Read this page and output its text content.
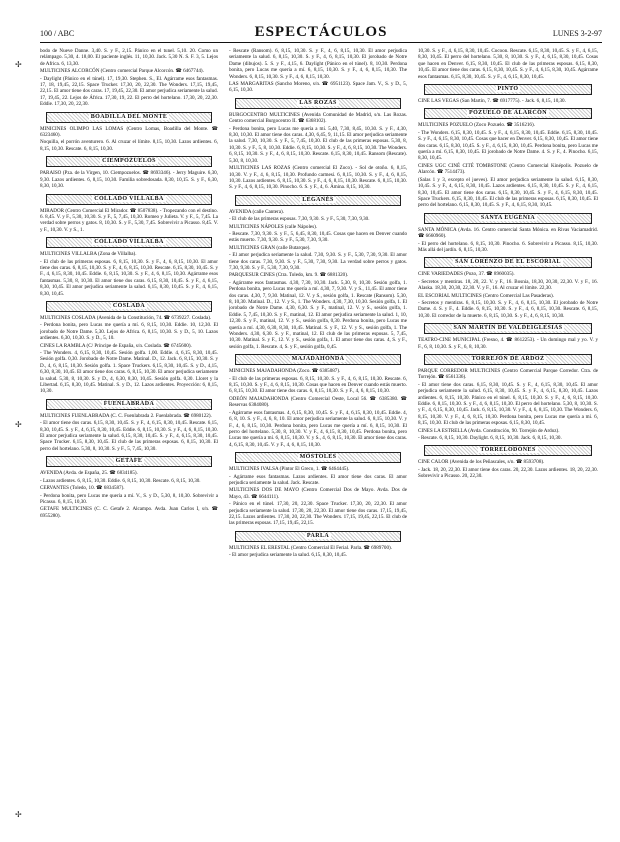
100 / ABC	ESPECTÁCULOS	LUNES 3-2-97

bodo de Nueve Danne. 3,40. S. y F., 2,15. Pánico en el tunel. 5,10. 20. Como un relámpago. 5,30, 4. 18,00. El paciente inglés. 11, 10,30. Jack. 5,30 N. S. F. 3, 5. Lejos de Africa. 6, 13,30.

MULTICINES ALCORCÓN (Centro comercial Parque Alcorcón. ☎ 6467744).

- Daylight (Pánico en el túnel). 17, 19,30. Stephen. S., El. Agárrame esos fantasmas. 17, 18, 19,45, 22,15. Space Trucker. 17,30, 20, 22,30. The Wonders. 17,15, 19,45, 22,15. El amor tiene dos caras. 17, 19,45, 22,30. El amor perjudica seriamente la salud. 17, 19,45, 22. Lejos de África. 17,30, 19, 22. El perro del hortelano. 17,30, 20, 22,30. Eddie. 17,30, 20, 22,30.

BOADILLA DEL MONTE

MINICINES OLIMPO LAS LOMAS (Centro Lomas, Boadilla del Monte. ☎ 6323460).

Noquilla, el porrón aventurero. 6. Al cruzar el límite. 8,15, 10,30. Lazos ardientes. 6, 8,15, 10,30. Rescate. 6, 8,15, 10,30.

CIEMPOZUELOS

PARAISO (Pza. de la Virgen, 10. Ciempozuelos. ☎ 8693346). - Jerry Maguire. 6,30, 9,30. Lazos ardientes. 6, 8,15, 10,30. Familia sobredosada. 8,30, 10,15. S. y F., 6,30, 8,30, 10,30.

COLLADO VILLALBA

MIRADOR (Centro Comercial El Mirador. ☎ 8507838). - Tropezando con el destino. 6. 8,45. V. y F., 5,30, 10,30. S. y F., 5, 7,45, 10,30. Romeo y Julieta. V. y F., 5, 7,45. La verdad sobre perros y gatos. 8, 10,30. S. y F., 5,30, 7,45. Sobrevivir a Picasso. 8,45. V. y F., 10,30. V. y S., 1.

COLLADO VILLALBA

MULTICINES VILLALBA (Zona de Villalba).

- El club de las primeras esposas. 6, 8,15, 10,30. S. y F., 4, 6, 8,15, 10,30. El amor tiene dos caras. 6, 8,15, 10,30. S. y F., 4, 6, 8,15, 10,30. Rescate. 6,15, 8,30, 10,45. S. y F., 4, 6,15, 8,30, 10,45. Eddie. 6, 8,15, 10,30. S. y F., 4, 6, 8,15, 10,30. Agárrame esos fantasmas. 5,30, 8, 10,30. El amor tiene dos caras. 6,15, 8,30, 10,45. S. y F., 4, 6,15, 8,30, 10,45. El amor perjudica seriamente la salud. 6,15, 8,30, 10,45. S. y F., 4, 6,15, 8,30, 10,45.

COSLADA

MULTICINES COSLADA (Avenida de la Constitución, 74. ☎ 6739227. Coslada).

- Perdona bonita, pero Lucas me quería a mí. 6, 8,15, 10,30. Eddie. 10, 12,30. El jorobado de Notre Dame. 5,30. Lejos de Africa. 6, 8,15, 10,30. S. y D., 5, 10. Lazos ardientes. 6,30, 10,30. S. y D., 5, 10.

CINES LA RAMBLA (C/ Príncipe de España, s/n. Coslada. ☎ 6745600).

- The Wonders. 4, 6,15, 8,30, 10,45. Sesión golfa. 1,00. Eddie. 4, 6,15, 8,30, 10,45. Sesión golfa. 0,30. Jorobado de Notre Dame. Matinal. D., 12. Jack. 6, 8,15, 10,30. S. y D., 4, 6, 8,15, 10,30. Sesión golfa. 1. Space Truckers. 6,15, 8,30, 10,45. S. y D., 4,15, 6,30, 8,30, 10,45. El amor tiene dos caras. 6, 8,15, 10,30. El amor perjudica seriamente la salud. 5,30, 8, 10,30. S. y D., 4, 6,30, 8,30, 10,45. Sesión golfa. 0,30. Lloret y la Libertad. 6,15, 8,30, 10,45. Matinal. S. y D., 12. Lazos ardientes. Proyección: 6, 8,15, 10,30.

FUENLABRADA

MULTICINES FUENLABRADA (C. C. Fuenlabrada 2. Fuenlabrada. ☎ 6980122).

- El amor tiene dos caras. 6,15, 8,30, 10,45. S. y F., 4, 6,15, 8,30, 10,45. Rescate. 6,15, 8,30, 10,45. S. y F., 4, 6,15, 8,30, 10,45. Eddie. 6, 8,15, 10,30. S. y F., 4, 6, 8,15, 10,30. El amor perjudica seriamente la salud. 6,15, 8,30, 10,45. S. y F., 4, 6,15, 8,30, 10,45. Space Trucker. 6,15, 8,30, 10,45. El club de las primeras esposas. 6, 8,15, 10,30. El perro del hortelano. 5,30, 8, 10,30. S. y F., 5, 7,45, 10,30.

GETAFE

AVENIDA (Avda. de España, 25. ☎ 6834185).

- Lazos ardientes. 6, 8,15, 10,30. Eddie. 6, 8,15, 10,30. Rescate. 6, 8,15, 10,30.

CERVANTES (Toledo, 10. ☎ 6834587).

- Perdona bonita, pero Lucas me quería a mí. V., S. y D., 5,30, 8, 10,30. Sobrevivir a Picasso. 6, 8,15, 10,30.

GETAFE MULTICINES (C. C. Getafe 2. Alcampo. Avda. Juan Carlos I, s/n. ☎ 6955280).

- Rescate (Ransom). 6, 8,15, 10,30. S. y F., 4, 6, 8,15, 10,30. El amor perjudica seriamente la salud. 6, 8,15, 10,30. S. y F., 4, 6, 8,15, 10,30. El jorobado de Notre Dame (dibujos). 5. S. y F., 4,15, 6. Daylight (Pánico en el túnel). 8, 10,30. Perdona bonita, pero Lucas me quería a mí. 6, 8,15, 10,30. S. y F., 4, 6, 8,15, 10,30. The Wonders. 6, 8,15, 10,30. S. y F., 4, 6, 8,15, 10,30.

LAS MARGARITAS (Sancho Moreno, s/n. ☎ 6951123). Space Jam. V., S. y D., 5, 6,15, 10,30.

LAS ROZAS

BURGOCENTRO MULTICINES (Avenida Comunidad de Madrid, s/n. Las Rozas. Centro comercial Burgocentro II. ☎ 6368102).

- Perdona bonita, pero Lucas me quería a mí. 5,40, 7,30, 8,45, 10,30. S. y F., 4,30, 8,30, 10,30. El amor tiene dos caras. 4,30, 6,45, 9, 11,15. El amor perjudica seriamente la salud. 7,30, 10,30. S. y F., 5, 7,45, 10,30. El club de las primeras esposas. 5,30, 8, 10,30. S. y F., 5, 8, 10,30. Eddie. 6, 8,15, 10,30. S. y F., 4, 6, 8,15, 10,30. The Wonders. 6, 8,15, 10,30. S. y F., 4, 6, 8,15, 10,30. Rescate. 6,15, 8,30, 10,45. Ransom (Rescate). 5,30, 8, 10,30.

MULTICINES LAS ROZAS (Centro comercial El Zoco). - Sol de otoño. 6, 8,15, 10,30. V. y F., 4, 6, 8,15, 10,30. Profundo carmesí. 6, 8,15, 10,30. S. y F., 4, 6, 8,15, 10,30. Lazos ardientes. 6, 8,15, 10,30. S. y F., 4, 6, 8,15, 10,30. Rescate. 6, 8,15, 10,30. S. y F., 4, 6, 8,15, 10,30. Pinocho. 6. S. y F., 4, 6. Ámina. 8,15, 10,30.

LEGANÉS

AVENIDA (calle Cantera).

- El club de las primeras esposas. 7,30, 9,30. S. y F., 5,30, 7,30, 9,30.

MULTICINES NÁPOLES (calle Nápoles).

- Rescate. 7,30, 9,30. S. y F., 5, 6,45, 8,30, 10,45. Cosas que hacen en Denver cuando estás muerto. 7,30, 9,30. S. y F., 5,30, 7,30, 9,30.

MULTICINES GRAN (calle Butarque).

- El amor perjudica seriamente la salud. 7,30, 9,30. S. y F., 5,30, 7,30, 9,30. El amor tiene dos caras. 7,30, 9,30. S. y F., 5,30, 7,30, 9,30. La verdad sobre perros y gatos. 7,30, 9,30. S. y F., 5,30, 7,30, 9,30.

PARQUESUR CINES (Ctra. Toledo, km. 9. ☎ 6881320).

- Agárrame esos fantasmas. 4,30, 7,30, 10,30. Jack. 5,30, 8, 10,30. Sesión golfa, 1. Perdona bonita, pero Lucas me quería a mí. 4,30, 7, 9,30. V. y S., 11,45. El amor tiene dos caras. 4,30, 7, 9,30. Matinal, 12. V. y S., sesión golfa, 1. Rescate (Ransom). 5,30, 8, 10,30. Matinal. D., 12. V. y S., 1. The Wonders. 4,30, 7,30, 10,30. Sesión golfa, 1. El jorobado de Notre Dame. 4,30, 6,30. S. y F., matinal, 12. V. y S., sesión golfa, 1. Eddie. 5, 7,45, 10,30. S. y F., matinal, 12. El amor perjudica seriamente la salud. 1, 10, 12,30. S. y F., matinal, 12. V. y S., sesión golfa, 0,30. Perdona bonita, pero Lucas me quería a mí. 4,30, 6,30, 8,30, 10,45. Matinal. S. y F., 12. V. y S., sesión golfa, 1. The Wonders. 4,30, 6,30. S. y F., matinal, 12. El club de las primeras esposas. 5, 7,45, 10,30. Matinal. S. y F., 12. V. y S., sesión golfa, 1. El amor tiene dos caras. 4, S. y F., sesión golfa, 1. Rescate. 4, S. y F., sesión golfa, 0,45.

MAJADAHONDA

MINICINES MAJADAHONDA (Zoco. ☎ 6385087).

- El club de las primeras esposas. 6, 8,15, 10,30. S. y F., 4, 6, 8,15, 10,30. Rescate. 6, 8,15, 10,30. S. y F., 4, 6, 8,15, 10,30. Cosas que hacen en Denver cuando estás muerto. 6, 8,15, 10,30. El amor tiene dos caras. 6, 8,15, 10,30. S. y F., 4, 6, 8,15, 10,30.

ODEÓN MAJADAHONDA (Centro Comercial Oeste, Local 56. ☎ 6385380. ☎ Reservas 6384080).

- Agárrame esos fantasmas. 4, 6,15, 8,30, 10,45. S. y F., 4, 6,15, 8,30, 10,45. Eddie. 4, 6, 8, 10. S. y F., 4, 6, 8, 10. El amor perjudica seriamente la salud. 6, 8,15, 10,30. V. y F., 4, 6, 8,15, 10,30. Perdona bonita, pero Lucas me quería a mí. 6, 8,15, 10,30. El perro del hortelano. 5,30, 8, 10,30. V. y F., 4, 6,15, 8,30, 10,45. Perdona bonita, pero Lucas me quería a mí. 6, 8,15, 10,30. V. y S., 4, 6, 8,15, 10,30. El amor tiene dos caras. 4, 6,15, 8,30, 10,45. V. y F., 4, 6, 8,15, 10,30.

MÓSTOLES

MULTICINES IVALSA (Pintor El Greco, 1. ☎ 6464445).

- Agárrame esos fantasmas. Lazos ardientes. El amor tiene dos caras. El amor perjudica seriamente la salud. Jack. Rescate.

MULTICINES DOS DE MAYO (Centro Comercial Dos de Mayo. Avda. Dos de Mayo, 43. ☎ 6644111).

- Pánico en el túnel. 17,30, 20, 22,30. Space Trucker. 17,30, 20, 22,30. El amor perjudica seriamente la salud. 17,30, 20, 22,30. El amor tiene dos caras. 17,15, 19,45, 22,15. Lazos ardientes. 17,30, 20, 22,30. The Wonders. 17,15, 19,45, 22,15. El club de las primeras esposas. 17,15, 19,45, 22,15.

PARLA

MULTICINES EL ERESTAL (Centro Comercial El Ferial. Parla. ☎ 6989700).

- El amor perjudica seriamente la salud. 6,15, 8,30, 10,45.

10,30. S. y F., 4, 6,15, 8,30, 10,45. Cocoon. Rescate. 6,15, 8,30, 10,45. S. y F., 4, 6,15, 8,30, 10,45. El perro del hortelano. 5,30, 8, 10,30. S. y F., 4, 6,15, 8,30, 10,45. Cosas que hacen en Denver. 6,15, 8,30, 10,45. El club de las primeras esposas. 6,15, 8,30, 10,45. El amor tiene dos caras. 6,15, 8,30, 10,45. S. y F., 4, 6,15, 8,30, 10,45. Agárrame esos fantasmas. 6,15, 8,30, 10,45. S. y F., 4, 6,15, 8,30, 10,45.

PINTO

CINE LAS VEGAS (San Martín, 7. ☎ 6917775). - Jack. 6, 8,15, 10,30.

POZUELO DE ALARCÓN

MULTICINES POZUELO (Zoco Pozuelo. ☎ 3516216).

- The Wonders. 6,15, 8,30, 10,45. S. y F., 4, 6,15, 8,30, 10,45. Eddie. 6,15, 8,30, 10,45. S. y F., 4, 6,15, 8,30, 10,45. Cosas que hacer en Denver. 6,15, 8,30, 10,45. El amor tiene dos caras. 6,15, 8,30, 10,45. S. y F., 4, 6,15, 8,30, 10,45. Perdona bonita, pero Lucas me quería a mí. 6,15, 8,30, 10,45. El jorobado de Notre Dame. 4. S. y F., 4. Pinocho. 6,15, 8,30, 10,45.

CINES UGC CINÉ CITÉ TOMBSTONE (Centro Comercial Kinépolis. Pozuelo de Alarcón. ☎ 7514473).

(Salas 1 y 3, excepto el jueves). El amor perjudica seriamente la salud. 6,15, 8,30, 10,45. S. y F., 4, 6,15, 8,30, 10,45. Lazos ardientes. 6,15, 8,30, 10,45. S. y F., 4, 6,15, 8,30, 10,45. El amor tiene dos caras. 6,15, 8,30, 10,45. S. y F., 4, 6,15, 8,30, 10,45. Space Truckers. 6,15, 8,30, 10,45. El club de las primeras esposas. 6,15, 8,30, 10,45. El perro del hortelano. 6,15, 8,30, 10,45. S. y F., 4, 6,15, 8,30, 10,45.

SANTA EUGENIA

SANTA MÓNICA (Avda. 16. Centro comercial Santa Mónica. en Rivas Vaciamadrid. ☎ 6660960).

- El perro del hortelano. 6, 8,15, 10,30. Pinocho. 6. Sobrevivir a Picasso. 8,15, 10,30. Más allá del jardín. 6, 8,15, 10,30.

SAN LORENZO DE EL ESCORIAL

CINE VARIEDADES (Pozo, 37. ☎ 8960035).

- Secretos y mentiras. 18, 20, 22. V. y F., 16. Bosnia, 18,30, 20,30, 22,30. V. y F., 16. Alaska. 18,30, 20,30, 22,30. V. y F., 16. Al cruzar el límite. 22,30.

EL ESCORIAL MULTICINES (Centro Comercial Las Pasaderas).

- Secretos y mentiras. 6, 8,15, 10,30. S. y F., 4, 6, 8,15, 10,30. El jorobado de Notre Dame. 4. S. y F., 4. Eddie. 6, 8,15, 10,30. S. y F., 4, 6, 8,15, 10,30. Rescate. 6, 8,15, 10,30. El corredor de la muerte. 6, 8,15, 10,30. S. y F., 4, 6, 8,15, 10,30.

SAN MARTÍN DE VALDEIGLESIAS

TEATRO-CINE MUNICIPAL (Fresno, 4. ☎ 8612253). - Un domingo mal y yo. V. y F., 6, 8, 10,30. S. y F., 6, 8, 10,30.

TORREJÓN DE ARDOZ

PARQUE CORREDOR MULTICINES (Centro Comercial Parque Corredor. Ctra. de Torrejón. ☎ 6561336).

- El amor tiene dos caras. 6,15, 8,30, 10,45. S. y F., 4, 6,15, 8,30, 10,45. El amor perjudica seriamente la salud. 6,15, 8,30, 10,45. S. y F., 4, 6,15, 8,30, 10,45. Lazos ardientes. 6, 8,15, 10,30. Pánico en el túnel. 6, 8,15, 10,30. S. y F., 4, 6, 8,15, 10,30. Eddie. 6, 8,15, 10,30. S. y F., 4, 6, 8,15, 10,30. El perro del hortelano. 5,30, 8, 10,30. S. y F., 4, 6,15, 8,30, 10,45. Jack. 6, 8,15, 10,30. V. y F., 4, 6, 8,15, 10,30. The Wonders. 6, 8,15, 10,30. V. y F., 4, 6, 8,15, 10,30. Perdona bonita, pero Lucas me quería a mí. 6, 8,15, 10,30. El club de las primeras esposas. 6,15, 8,30, 10,45.

CINES LA ESTRELLA (Avda. Constitución, 90. Torrejón de Ardoz).

- Rescate. 6, 8,15, 10,30. Daylight. 6, 8,15, 10,30. Jack. 6, 8,15, 10,30.

TORRELODONES

CINE CALOR (Avenida de los Peñascales, s/n. ☎ 8593708).

- Jack. 18, 20, 22,30. El amor tiene dos caras. 20, 22,30. Lazos ardientes. 18, 20, 22,30. Sobrevivir a Picasso. 20, 22,30.

✢
✢
✢
